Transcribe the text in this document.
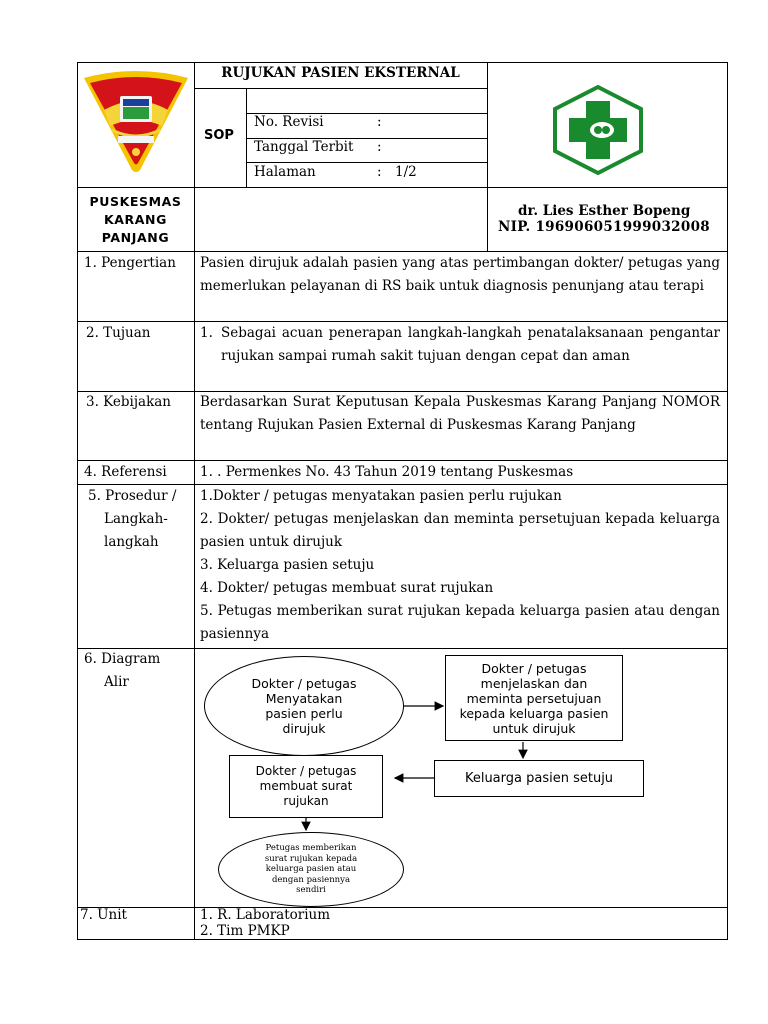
RUJUKAN PASIEN EKSTERNAL
SOP
No. Revisi	:
Tanggal Terbit :
Halaman	: 1/2
PUSKESMAS
KARANG
PANJANG
dr. Lies Esther Bopeng
NIP. 196906051999032008
1. Pengertian
2. Tujuan
3. Kebijakan
4. Referensi
5. Prosedur /
Langkah-
langkah
6. Diagram
Alir
7. Unit
Pasien dirujuk adalah pasien yang atas pertimbangan dokter/ petugas yang memerlukan pelayanan di RS baik untuk diagnosis penunjang atau terapi
1. Sebagai acuan penerapan langkah-langkah penatalaksanaan pengantar rujukan sampai rumah sakit tujuan dengan cepat dan aman
Berdasarkan Surat Keputusan Kepala Puskesmas Karang Panjang NOMOR tentang Rujukan Pasien External di Puskesmas Karang Panjang
1. . Permenkes No. 43 Tahun 2019 tentang Puskesmas
1.Dokter / petugas menyatakan pasien perlu rujukan
2. Dokter/ petugas menjelaskan dan meminta persetujuan kepada keluarga pasien untuk dirujuk
3. Keluarga pasien setuju
4. Dokter/ petugas membuat surat rujukan
5. Petugas memberikan surat rujukan kepada keluarga pasien atau dengan pasiennya
Dokter / petugas Menyatakan pasien perlu dirujuk
Dokter / petugas menjelaskan dan meminta persetujuan kepada keluarga pasien untuk dirujuk
Keluarga pasien setuju
Dokter / petugas membuat surat rujukan
Petugas memberikan surat rujukan kepada keluarga pasien atau dengan pasiennya sendiri
1. R. Laboratorium
2. Tim PMKP
